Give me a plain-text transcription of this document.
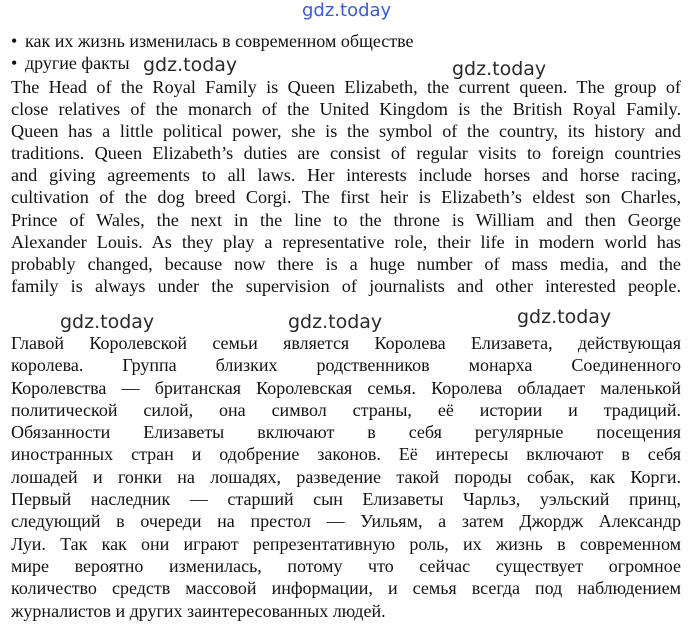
gdz.today
gdz.today	gdz.today
gdz.today	gdz.today	gdz.today
• как их жизнь изменилась в современном обществе
• другие факты
The Head of the Royal Family is Queen Elizabeth, the current queen. The group of
close relatives of the monarch of the United Kingdom is the British Royal Family.
Queen has a little political power, she is the symbol of the country, its history and
traditions. Queen Elizabeth’s duties are consist of regular visits to foreign countries
and giving agreements to all laws. Her interests include horses and horse racing,
cultivation of the dog breed Corgi. The first heir is Elizabeth’s eldest son Charles,
Prince of Wales, the next in the line to the throne is William and then George
Alexander Louis. As they play a representative role, their life in modern world has
probably changed, because now there is a huge number of mass media, and the
family is always under the supervision of journalists and other interested people.
Главой Королевской семьи является Королева Елизавета, действующая
королева. Группа близких родственников монарха Соединенного
Королевства — британская Королевская семья. Королева обладает маленькой
политической силой, она символ страны, её истории и традиций.
Обязанности Елизаветы включают в себя регулярные посещения
иностранных стран и одобрение законов. Её интересы включают в себя
лошадей и гонки на лошадях, разведение такой породы собак, как Корги.
Первый наследник — старший сын Елизаветы Чарльз, уэльский принц,
следующий в очереди на престол — Уильям, а затем Джордж Александр
Луи. Так как они играют репрезентативную роль, их жизнь в современном
мире вероятно изменилась, потому что сейчас существует огромное
количество средств массовой информации, и семья всегда под наблюдением
журналистов и других заинтересованных людей.
